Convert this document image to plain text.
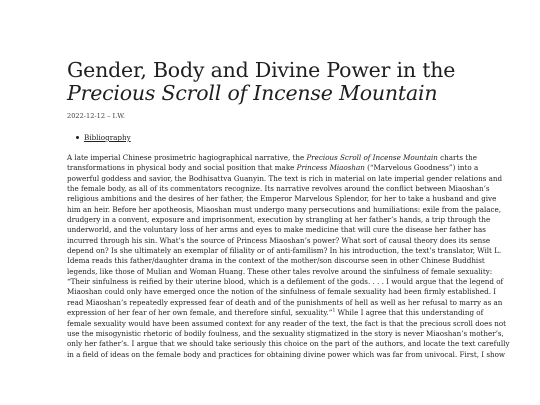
Gender, Body and Divine Power in the Precious Scroll of Incense Mountain
2022-12-12 – I.W.
Bibliography

A late imperial Chinese prosimetric hagiographical narrative, the Precious Scroll of Incense Mountain charts the
transformations in physical body and social position that make Princess Miaoshan (“Marvelous Goodness”) into a
powerful goddess and savior, the Bodhisattva Guanyin. The text is rich in material on late imperial gender relations and
the female body, as all of its commentators recognize. Its narrative revolves around the conflict between Miaoshan’s
religious ambitions and the desires of her father, the Emperor Marvelous Splendor, for her to take a husband and give
him an heir. Before her apotheosis, Miaoshan must undergo many persecutions and humiliations: exile from the palace,
drudgery in a convent, exposure and imprisonment, execution by strangling at her father’s hands, a trip through the
underworld, and the voluntary loss of her arms and eyes to make medicine that will cure the disease her father has
incurred through his sin. What’s the source of Princess Miaoshan’s power? What sort of causal theory does its sense
depend on? Is she ultimately an exemplar of filiality or of anti-familism? In his introduction, the text’s translator, Wilt L.
Idema reads this father/daughter drama in the context of the mother/son discourse seen in other Chinese Buddhist
legends, like those of Mulian and Woman Huang. These other tales revolve around the sinfulness of female sexuality:
“Their sinfulness is reified by their uterine blood, which is a defilement of the gods. . . . I would argue that the legend of
Miaoshan could only have emerged once the notion of the sinfulness of female sexuality had been firmly established. I
read Miaoshan’s repeatedly expressed fear of death and of the punishments of hell as well as her refusal to marry as an
expression of her fear of her own female, and therefore sinful, sexuality.”$^1$ While I agree that this understanding of
female sexuality would have been assumed context for any reader of the text, the fact is that the precious scroll does not
use the misogynistic rhetoric of bodily foulness, and the sexuality stigmatized in the story is never Miaoshan’s mother’s,
only her father’s. I argue that we should take seriously this choice on the part of the authors, and locate the text carefully
in a field of ideas on the female body and practices for obtaining divine power which was far from univocal. First, I show
